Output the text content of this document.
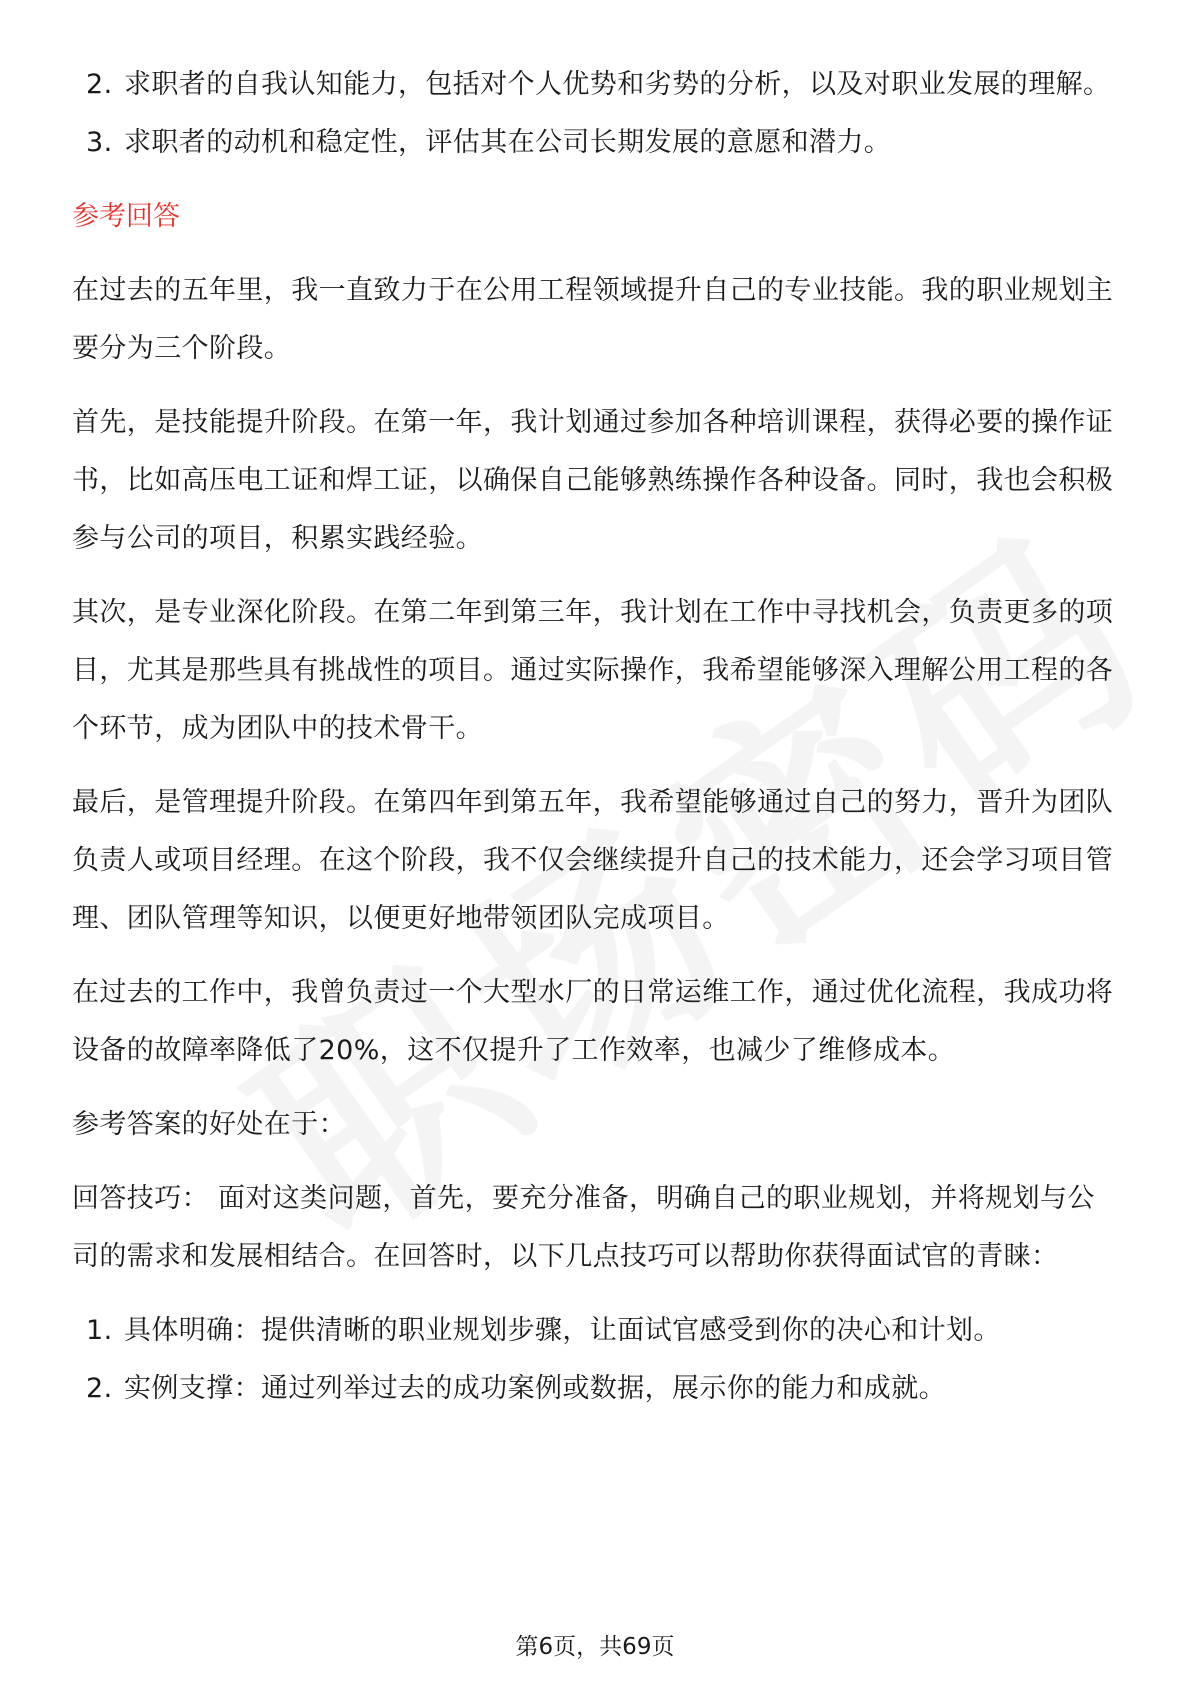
2. 求职者的自我认知能力，包括对个人优势和劣势的分析，以及对职业发展的理解。
3. 求职者的动机和稳定性，评估其在公司长期发展的意愿和潜力。
参考回答

在过去的五年里，我一直致力于在公用工程领域提升自己的专业技能。我的职业规划主要分为三个阶段。

首先，是技能提升阶段。在第一年，我计划通过参加各种培训课程，获得必要的操作证书，比如高压电工证和焊工证，以确保自己能够熟练操作各种设备。同时，我也会积极参与公司的项目，积累实践经验。

其次，是专业深化阶段。在第二年到第三年，我计划在工作中寻找机会，负责更多的项目，尤其是那些具有挑战性的项目。通过实际操作，我希望能够深入理解公用工程的各个环节，成为团队中的技术骨干。

最后，是管理提升阶段。在第四年到第五年，我希望能够通过自己的努力，晋升为团队负责人或项目经理。在这个阶段，我不仅会继续提升自己的技术能力，还会学习项目管理、团队管理等知识，以便更好地带领团队完成项目。

在过去的工作中，我曾负责过一个大型水厂的日常运维工作，通过优化流程，我成功将设备的故障率降低了20%，这不仅提升了工作效率，也减少了维修成本。

参考答案的好处在于：

回答技巧： 面对这类问题，首先，要充分准备，明确自己的职业规划，并将规划与公司的需求和发展相结合。在回答时，以下几点技巧可以帮助你获得面试官的青睐：

1. 具体明确：提供清晰的职业规划步骤，让面试官感受到你的决心和计划。
2. 实例支撑：通过列举过去的成功案例或数据，展示你的能力和成就。
第6页，共69页
